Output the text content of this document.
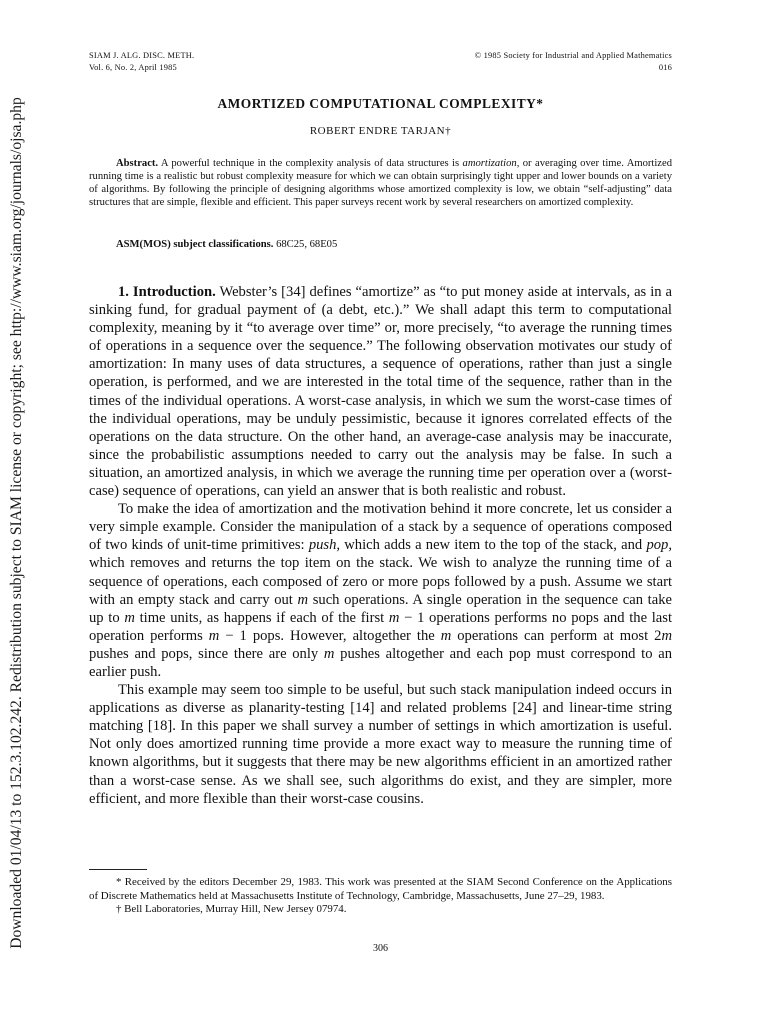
Downloaded 01/04/13 to 152.3.102.242. Redistribution subject to SIAM license or copyright; see http://www.siam.org/journals/ojsa.php
SIAM J. ALG. DISC. METH.
Vol. 6, No. 2, April 1985
© 1985 Society for Industrial and Applied Mathematics
016
AMORTIZED COMPUTATIONAL COMPLEXITY*
ROBERT ENDRE TARJAN†

Abstract. A powerful technique in the complexity analysis of data structures is amortization, or averaging over time. Amortized running time is a realistic but robust complexity measure for which we can obtain surprisingly tight upper and lower bounds on a variety of algorithms. By following the principle of designing algorithms whose amortized complexity is low, we obtain “self-adjusting” data structures that are simple, flexible and efficient. This paper surveys recent work by several researchers on amortized complexity.

ASM(MOS) subject classifications. 68C25, 68E05

1. Introduction. Webster’s [34] defines “amortize” as “to put money aside at intervals, as in a sinking fund, for gradual payment of (a debt, etc.).” We shall adapt this term to computational complexity, meaning by it “to average over time” or, more precisely, “to average the running times of operations in a sequence over the sequence.” The following observation motivates our study of amortization: In many uses of data structures, a sequence of operations, rather than just a single operation, is performed, and we are interested in the total time of the sequence, rather than in the times of the individual operations. A worst-case analysis, in which we sum the worst-case times of the individual operations, may be unduly pessimistic, because it ignores correlated effects of the operations on the data structure. On the other hand, an average-case analysis may be inaccurate, since the probabilistic assumptions needed to carry out the analysis may be false. In such a situation, an amortized analysis, in which we average the running time per operation over a (worst-case) sequence of operations, can yield an answer that is both realistic and robust.

To make the idea of amortization and the motivation behind it more concrete, let us consider a very simple example. Consider the manipulation of a stack by a sequence of operations composed of two kinds of unit-time primitives: push, which adds a new item to the top of the stack, and pop, which removes and returns the top item on the stack. We wish to analyze the running time of a sequence of operations, each composed of zero or more pops followed by a push. Assume we start with an empty stack and carry out m such operations. A single operation in the sequence can take up to m time units, as happens if each of the first m − 1 operations performs no pops and the last operation performs m − 1 pops. However, altogether the m operations can perform at most 2m pushes and pops, since there are only m pushes altogether and each pop must correspond to an earlier push.

This example may seem too simple to be useful, but such stack manipulation indeed occurs in applications as diverse as planarity-testing [14] and related problems [24] and linear-time string matching [18]. In this paper we shall survey a number of settings in which amortization is useful. Not only does amortized running time provide a more exact way to measure the running time of known algorithms, but it suggests that there may be new algorithms efficient in an amortized rather than a worst-case sense. As we shall see, such algorithms do exist, and they are simpler, more efficient, and more flexible than their worst-case cousins.

* Received by the editors December 29, 1983. This work was presented at the SIAM Second Conference on the Applications of Discrete Mathematics held at Massachusetts Institute of Technology, Cambridge, Massachusetts, June 27–29, 1983.

† Bell Laboratories, Murray Hill, New Jersey 07974.

306
